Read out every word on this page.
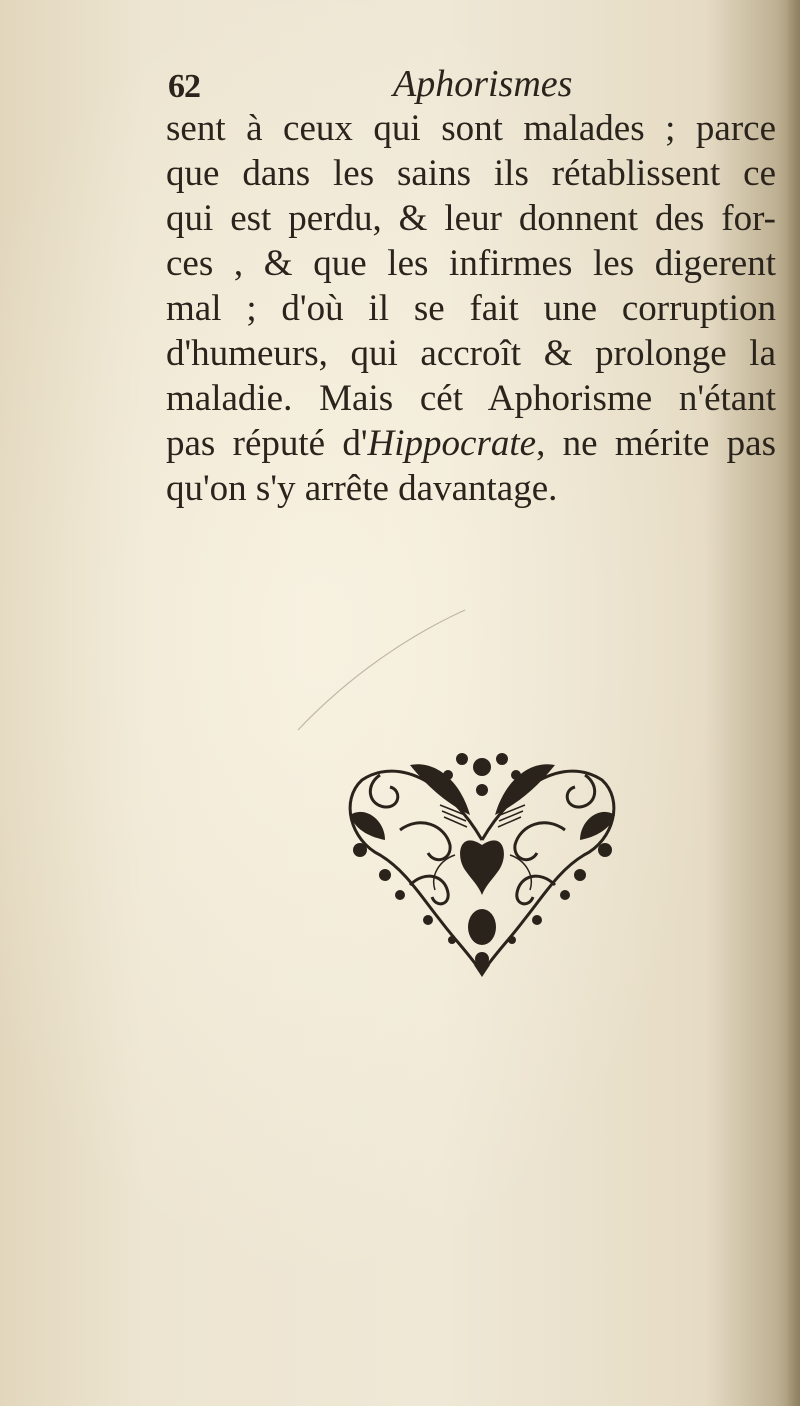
62	Aphorismes
sent à ceux qui sont malades ; parce
que dans les sains ils rétablissent ce
qui est perdu, & leur donnent des for-
ces , & que les infirmes les digerent
mal ; d'où il se fait une corruption
d'humeurs, qui accroît & prolonge la
maladie. Mais cét Aphorisme n'étant
pas réputé d'Hippocrate, ne mérite pas
qu'on s'y arrête davantage.
